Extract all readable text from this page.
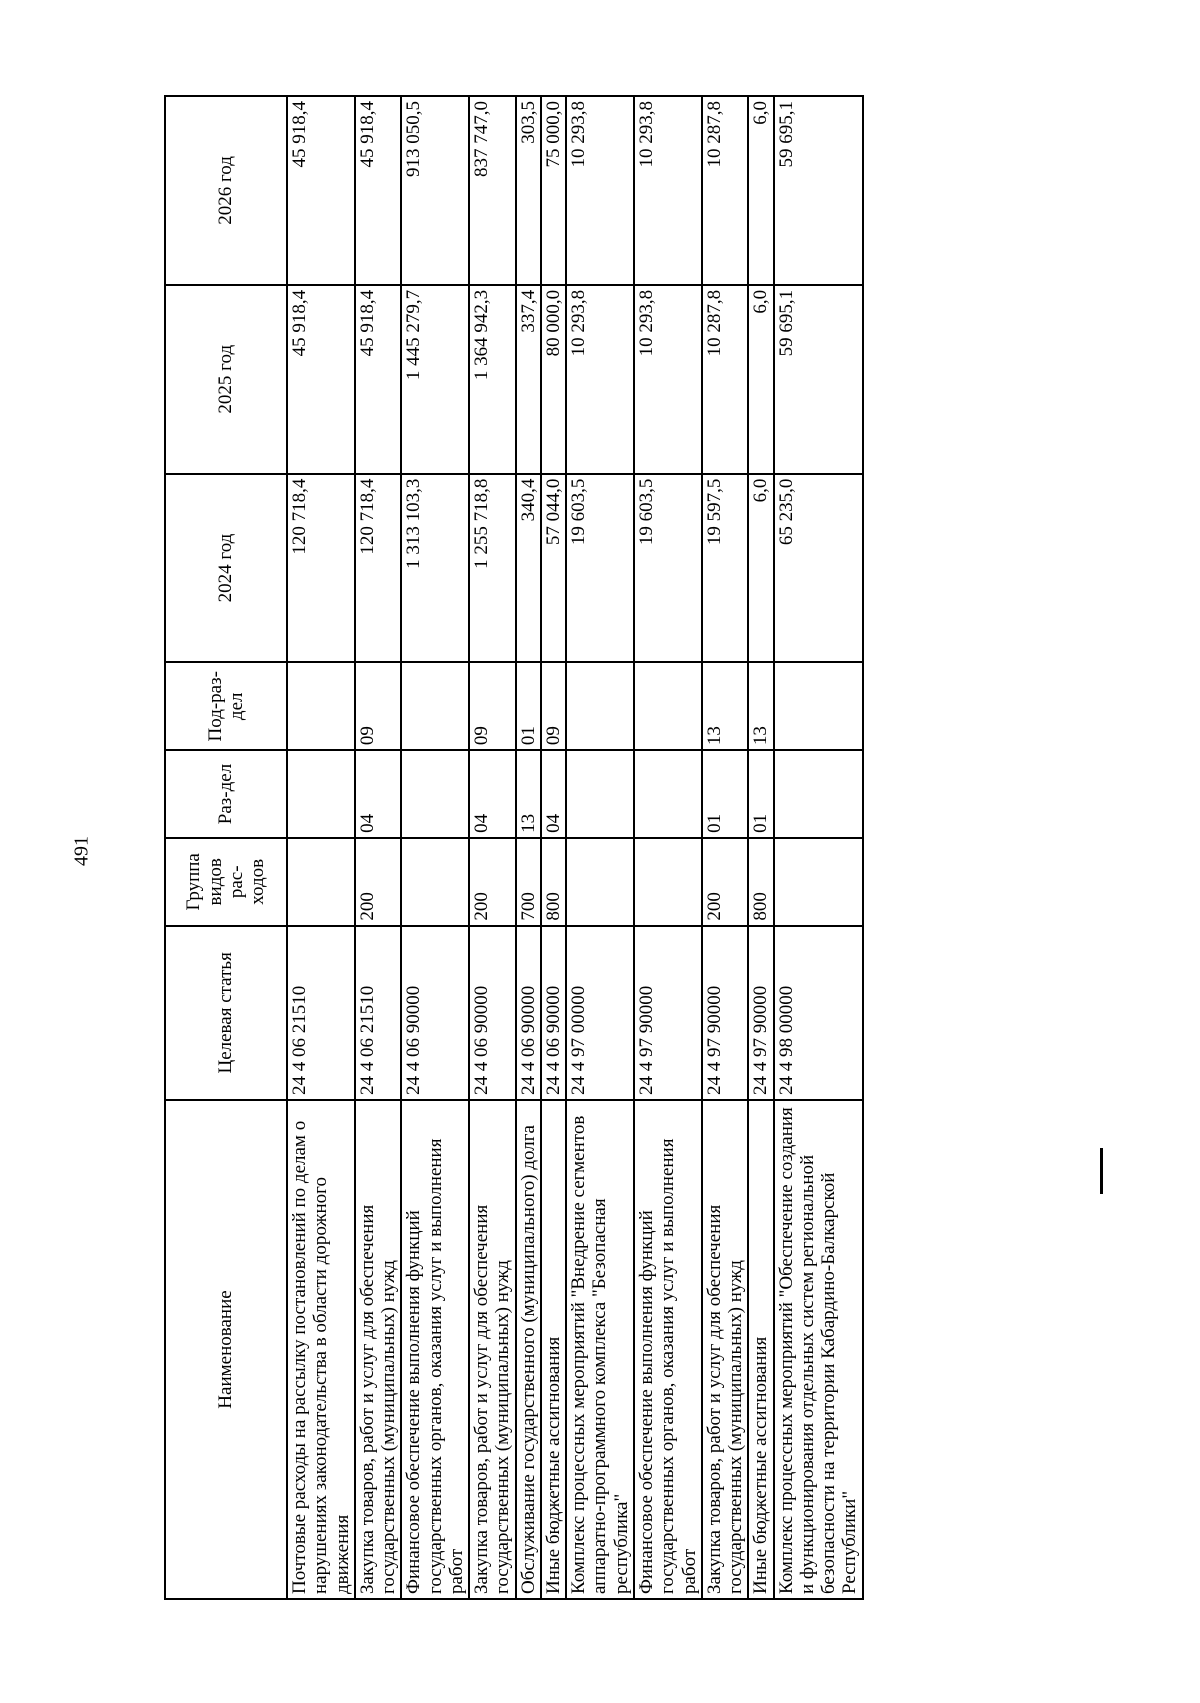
491
Наименование	Целевая статья	Группа видов рас-ходов	Раз-дел	Под-раз-дел	2024 год	2025 год	2026 год
Почтовые расходы на рассылку постановлений по делам о нарушениях законодательства в области дорожного движения	24 4 06 21510				120 718,4	45 918,4	45 918,4
Закупка товаров, работ и услуг для обеспечения государственных (муниципальных) нужд	24 4 06 21510	200	04	09	120 718,4	45 918,4	45 918,4
Финансовое обеспечение выполнения функций государственных органов, оказания услуг и выполнения работ	24 4 06 90000				1 313 103,3	1 445 279,7	913 050,5
Закупка товаров, работ и услуг для обеспечения государственных (муниципальных) нужд	24 4 06 90000	200	04	09	1 255 718,8	1 364 942,3	837 747,0
Обслуживание государственного (муниципального) долга	24 4 06 90000	700	13	01	340,4	337,4	303,5
Иные бюджетные ассигнования	24 4 06 90000	800	04	09	57 044,0	80 000,0	75 000,0
Комплекс процессных мероприятий "Внедрение сегментов аппаратно-программного комплекса "Безопасная республика"	24 4 97 00000				19 603,5	10 293,8	10 293,8
Финансовое обеспечение выполнения функций государственных органов, оказания услуг и выполнения работ	24 4 97 90000				19 603,5	10 293,8	10 293,8
Закупка товаров, работ и услуг для обеспечения государственных (муниципальных) нужд	24 4 97 90000	200	01	13	19 597,5	10 287,8	10 287,8
Иные бюджетные ассигнования	24 4 97 90000	800	01	13	6,0	6,0	6,0
Комплекс процессных мероприятий "Обеспечение создания и функционирования отдельных систем региональной безопасности на территории Кабардино-Балкарской Республики"	24 4 98 00000				65 235,0	59 695,1	59 695,1
